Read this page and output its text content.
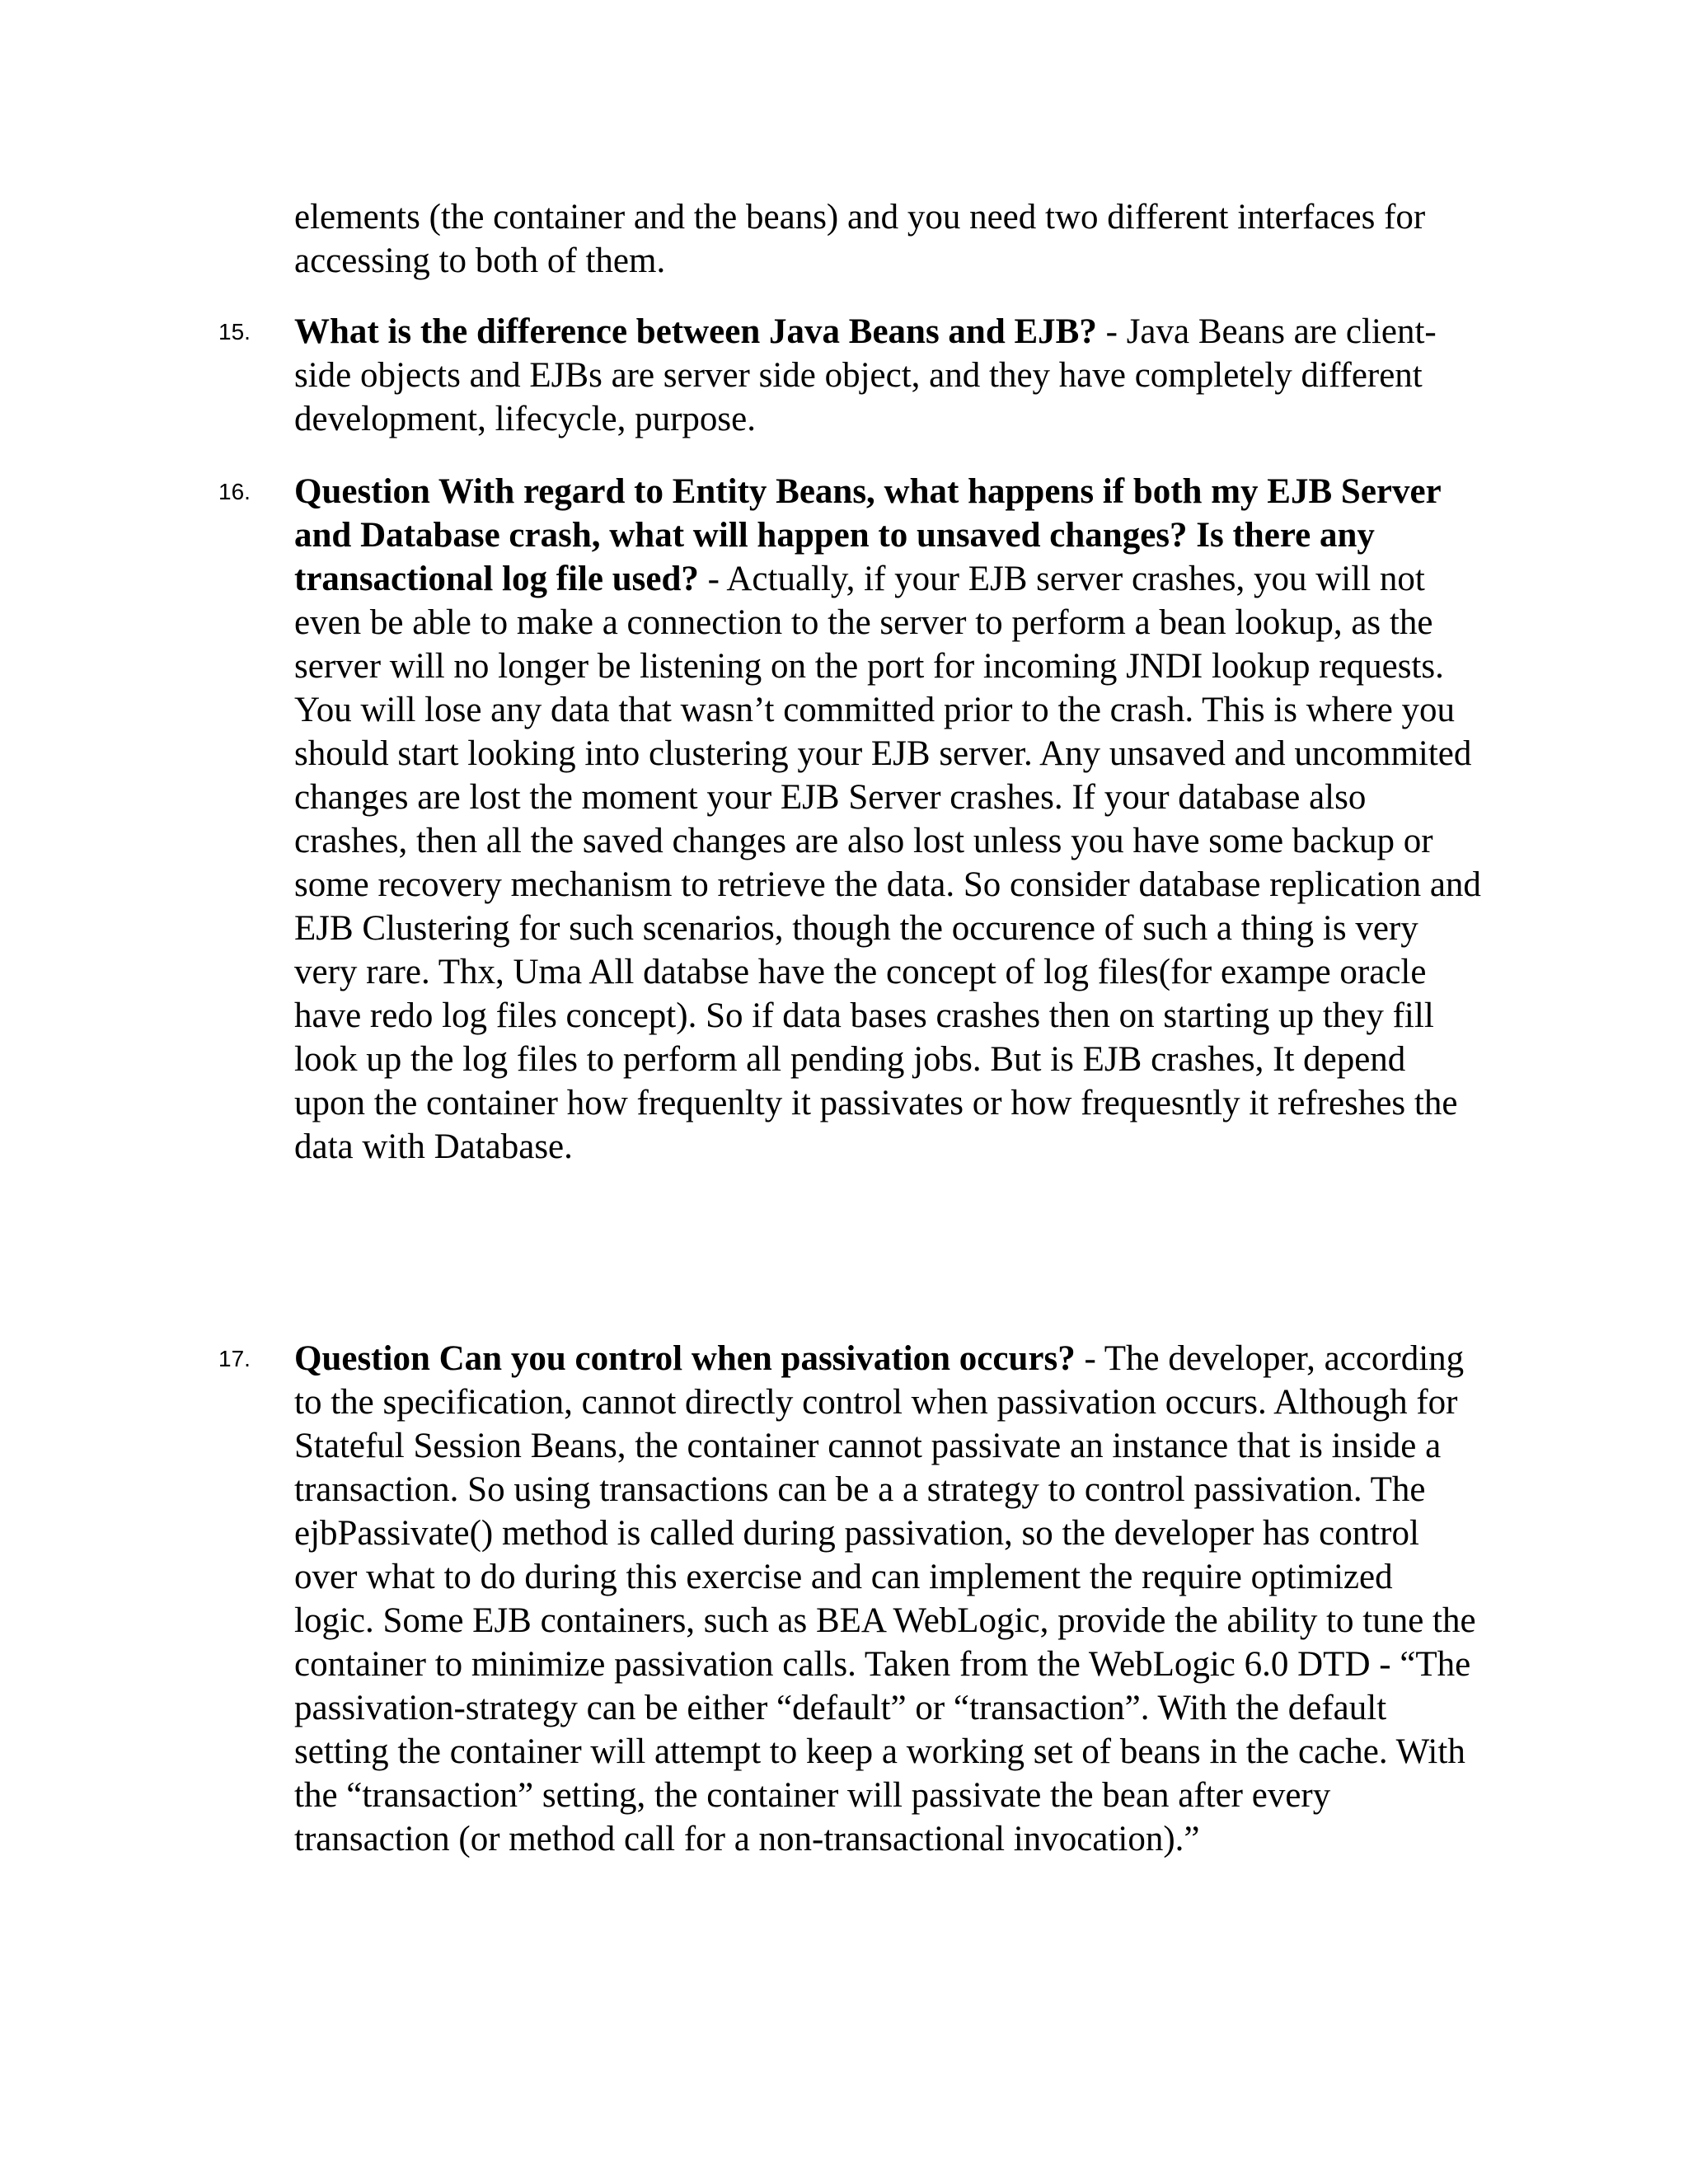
elements (the container and the beans) and you need two different interfaces for accessing to both of them.

15.	What is the difference between Java Beans and EJB? - Java Beans are client-side objects and EJBs are server side object, and they have completely different development, lifecycle, purpose.
16.	Question With regard to Entity Beans, what happens if both my EJB Server and Database crash, what will happen to unsaved changes? Is there any transactional log file used? - Actually, if your EJB server crashes, you will not even be able to make a connection to the server to perform a bean lookup, as the server will no longer be listening on the port for incoming JNDI lookup requests. You will lose any data that wasn’t committed prior to the crash. This is where you should start looking into clustering your EJB server. Any unsaved and uncommited changes are lost the moment your EJB Server crashes. If your database also crashes, then all the saved changes are also lost unless you have some backup or some recovery mechanism to retrieve the data. So consider database replication and EJB Clustering for such scenarios, though the occurence of such a thing is very very rare. Thx, Uma All databse have the concept of log files(for exampe oracle have redo log files concept). So if data bases crashes then on starting up they fill look up the log files to perform all pending jobs. But is EJB crashes, It depend upon the container how frequenlty it passivates or how frequesntly it refreshes the data with Database.
17.	Question Can you control when passivation occurs? - The developer, according to the specification, cannot directly control when passivation occurs. Although for Stateful Session Beans, the container cannot passivate an instance that is inside a transaction. So using transactions can be a a strategy to control passivation. The ejbPassivate() method is called during passivation, so the developer has control over what to do during this exercise and can implement the require optimized logic. Some EJB containers, such as BEA WebLogic, provide the ability to tune the container to minimize passivation calls. Taken from the WebLogic 6.0 DTD - “The passivation-strategy can be either “default” or “transaction”. With the default setting the container will attempt to keep a working set of beans in the cache. With the “transaction” setting, the container will passivate the bean after every transaction (or method call for a non-transactional invocation).”
